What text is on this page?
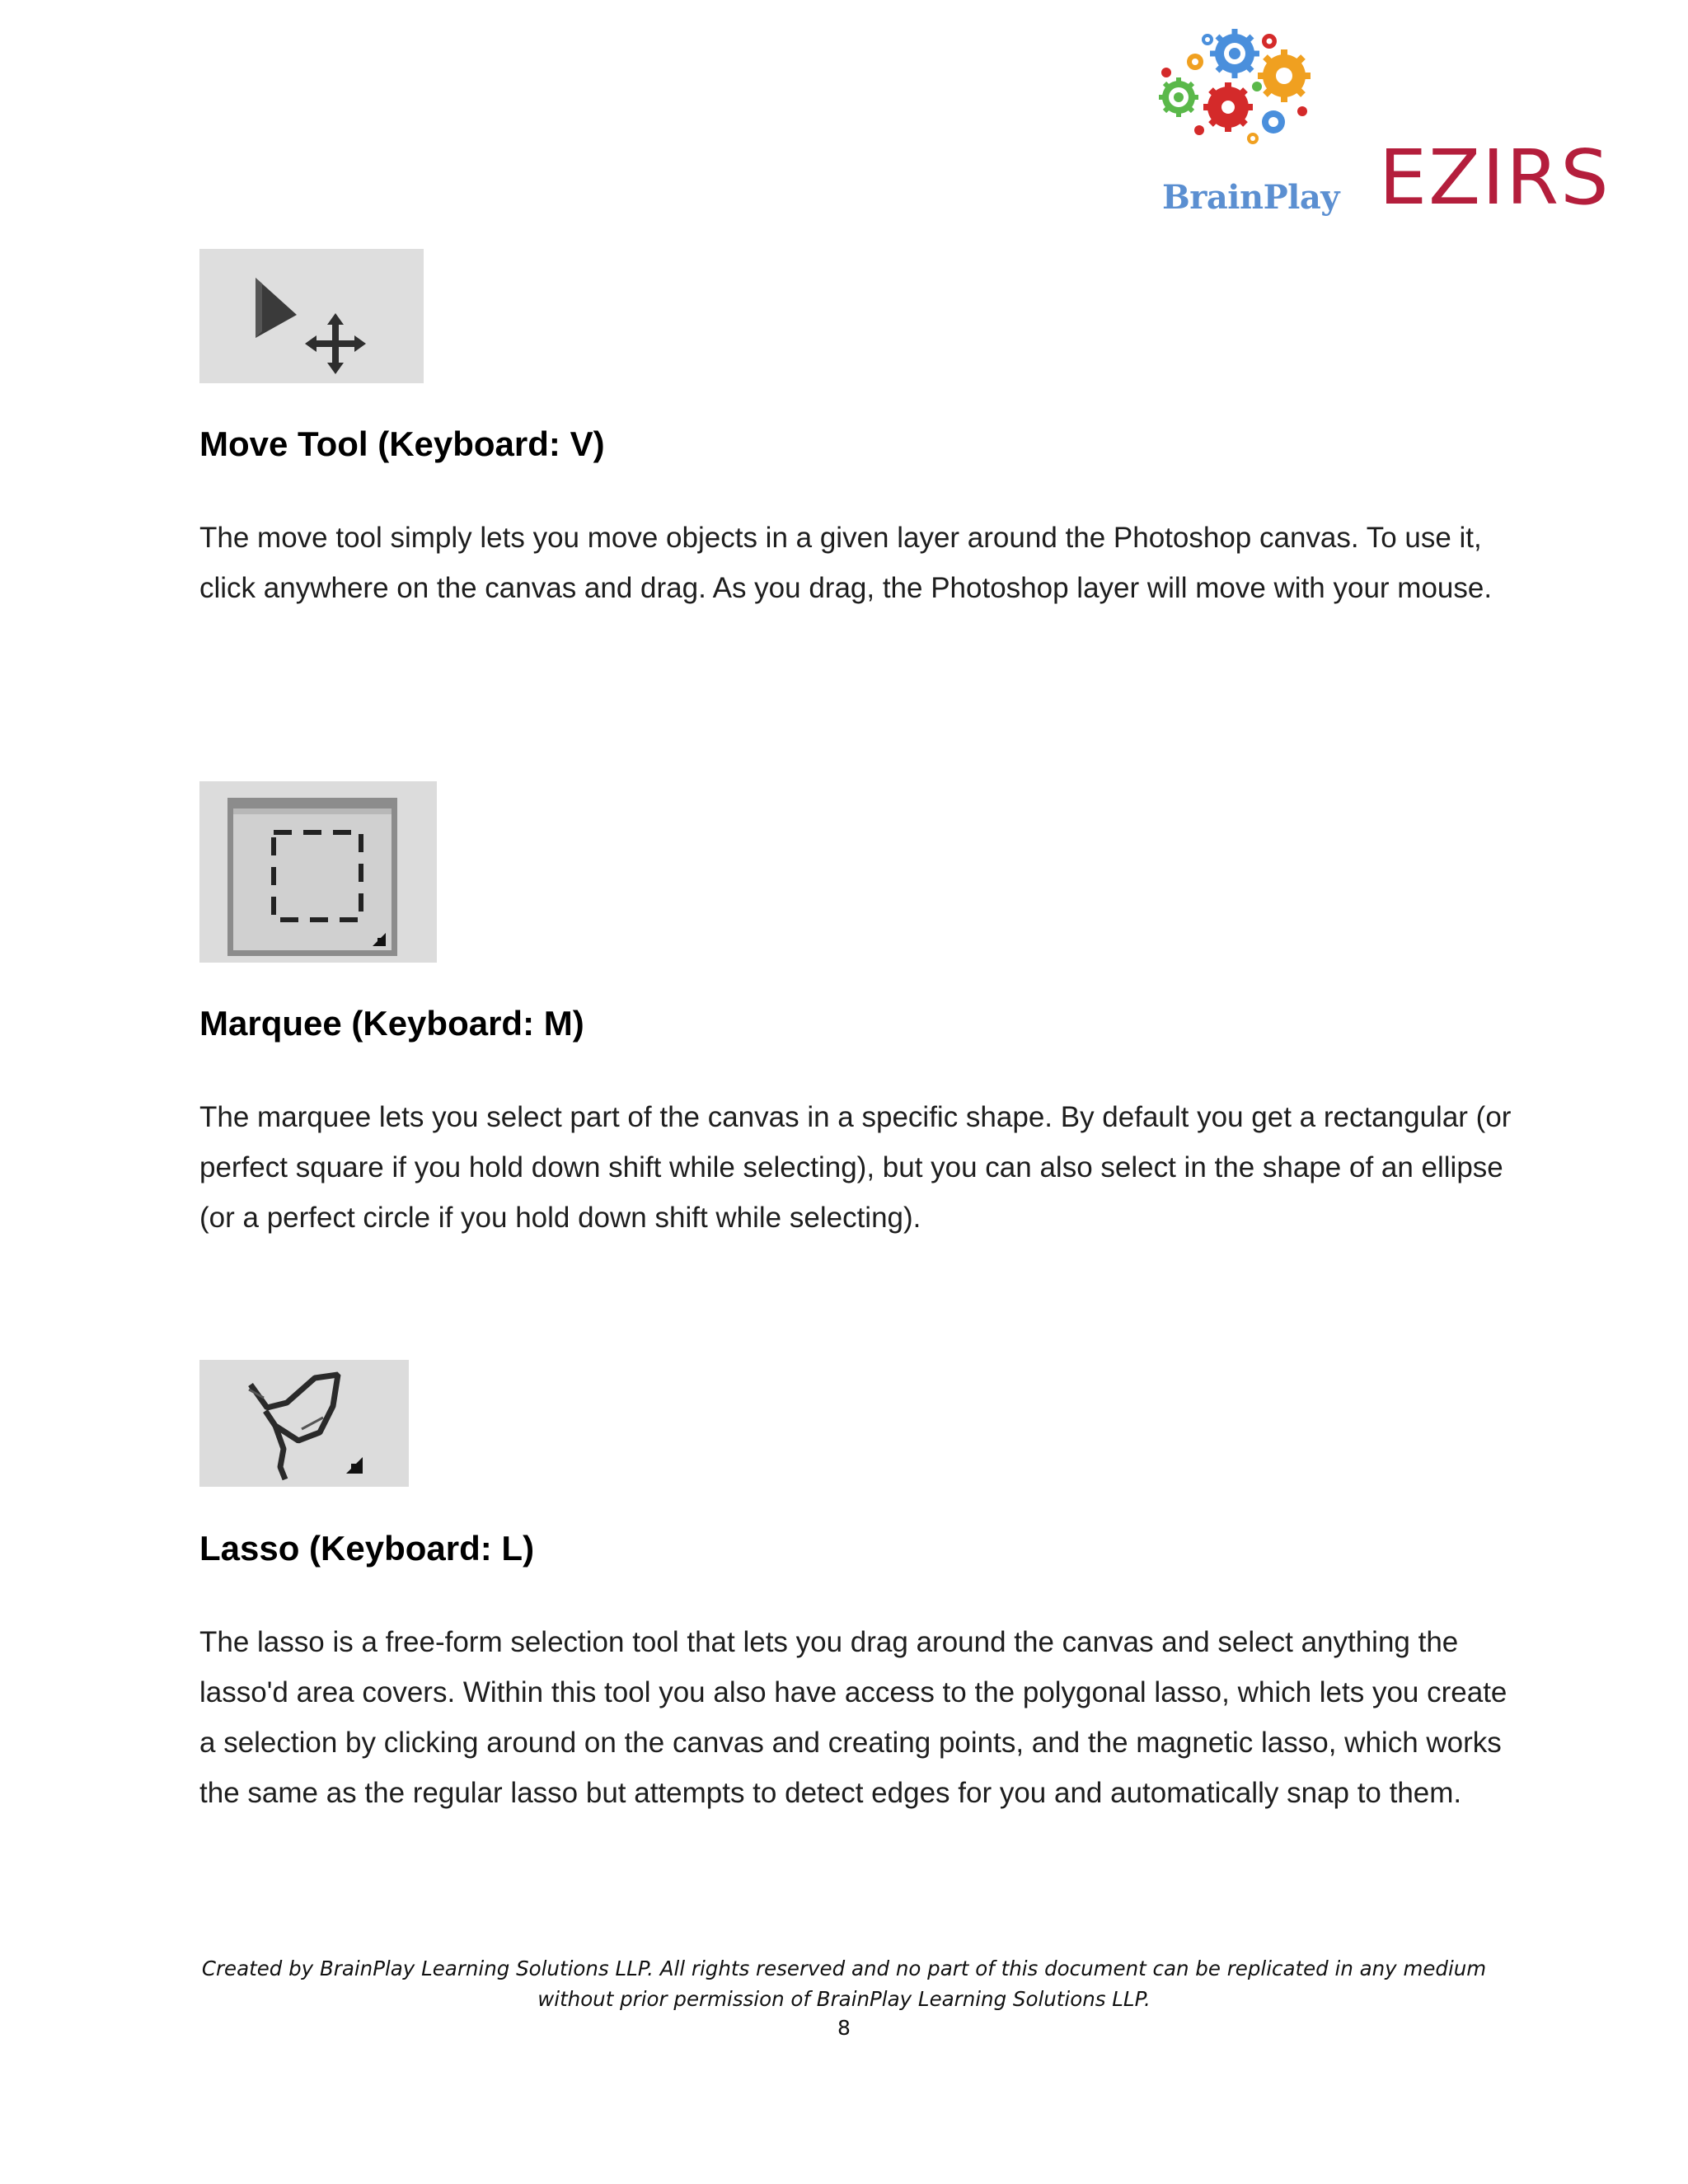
BrainPlay EZIRS
Move Tool (Keyboard: V)

The move tool simply lets you move objects in a given layer around the Photoshop canvas. To use it, click anywhere on the canvas and drag. As you drag, the Photoshop layer will move with your mouse.

Marquee (Keyboard: M)

The marquee lets you select part of the canvas in a specific shape. By default you get a rectangular (or perfect square if you hold down shift while selecting), but you can also select in the shape of an ellipse (or a perfect circle if you hold down shift while selecting).

Lasso (Keyboard: L)

The lasso is a free-form selection tool that lets you drag around the canvas and select anything the lasso'd area covers. Within this tool you also have access to the polygonal lasso, which lets you create a selection by clicking around on the canvas and creating points, and the magnetic lasso, which works the same as the regular lasso but attempts to detect edges for you and automatically snap to them.

Created by BrainPlay Learning Solutions LLP. All rights reserved and no part of this document can be replicated in any medium
without prior permission of BrainPlay Learning Solutions LLP.
8
